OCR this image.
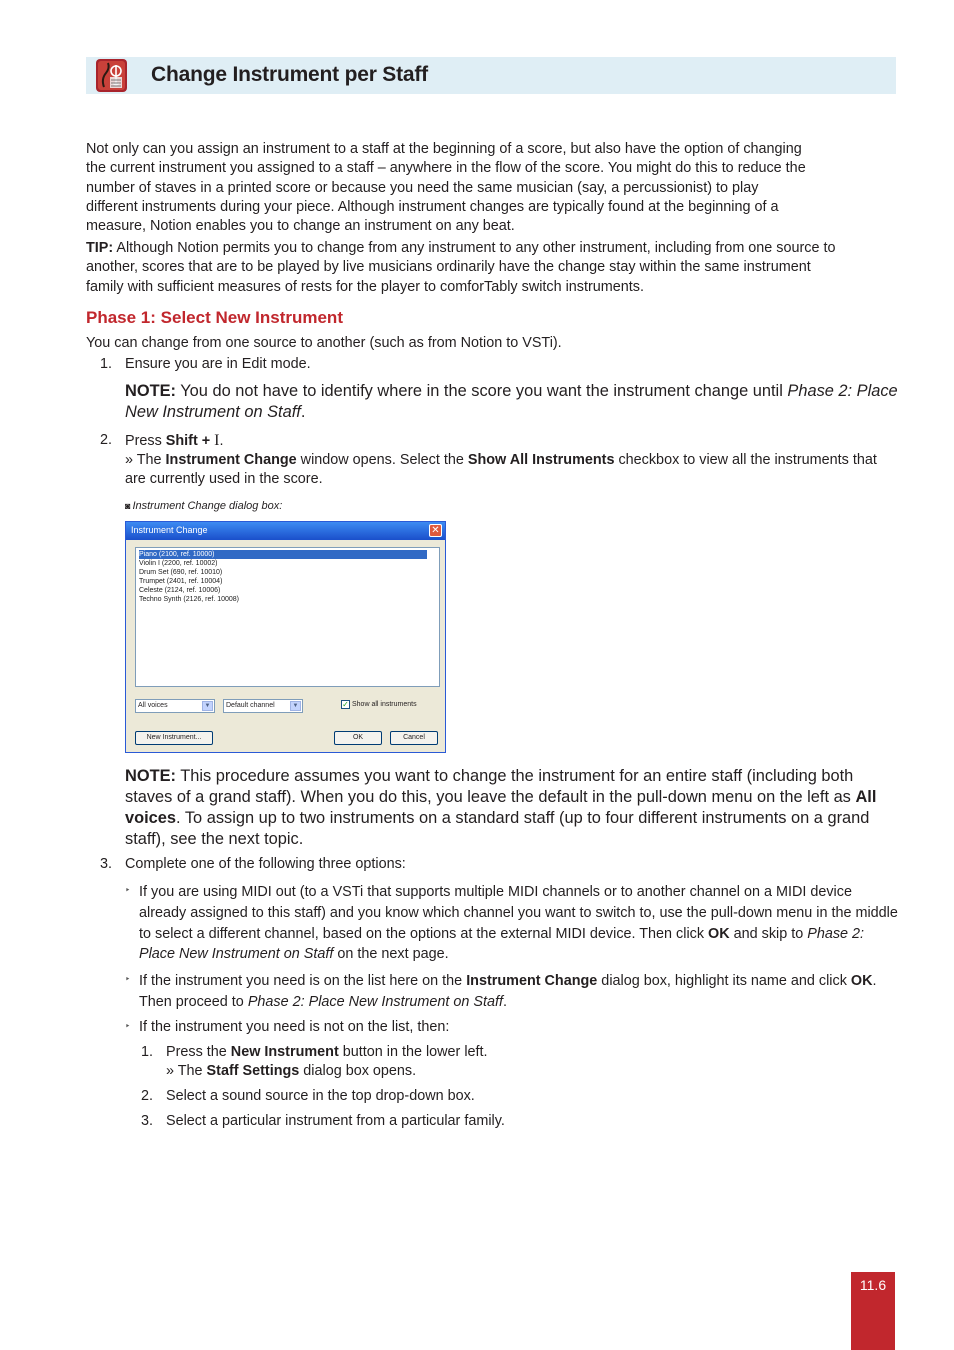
Change Instrument per Staff
Not only can you assign an instrument to a staff at the beginning of a score, but also have the option of changing the current instrument you assigned to a staff – anywhere in the flow of the score. You might do this to reduce the number of staves in a printed score or because you need the same musician (say, a percussionist) to play different instruments during your piece. Although instrument changes are typically found at the beginning of a measure, Notion enables you to change an instrument on any beat.
TIP: Although Notion permits you to change from any instrument to any other instrument, including from one source to another, scores that are to be played by live musicians ordinarily have the change stay within the same instrument family with sufficient measures of rests for the player to comforTably switch instruments.
Phase 1: Select New Instrument
You can change from one source to another (such as from Notion to VSTi).
1. Ensure you are in Edit mode.
NOTE: You do not have to identify where in the score you want the instrument change until Phase 2: Place New Instrument on Staff.
2. Press Shift + I.
» The Instrument Change window opens. Select the Show All Instruments checkbox to view all the instruments that are currently used in the score.
◙ Instrument Change dialog box:
Instrument Change	✕
Piano (2100, ref. 10000)
Violin I (2200, ref. 10002)
Drum Set (690, ref. 10010)
Trumpet (2401, ref. 10004)
Celeste (2124, ref. 10006)
Techno Synth (2126, ref. 10008)
All voices	▼	Default channel	▼	✓ Show all instruments
New Instrument...	OK	Cancel
NOTE: This procedure assumes you want to change the instrument for an entire staff (including both staves of a grand staff). When you do this, you leave the default in the pull-down menu on the left as All voices. To assign up to two instruments on a standard staff (up to four different instruments on a grand staff), see the next topic.
3. Complete one of the following three options:
‣ If you are using MIDI out (to a VSTi that supports multiple MIDI channels or to another channel on a MIDI device already assigned to this staff) and you know which channel you want to switch to, use the pull-down menu in the middle to select a different channel, based on the options at the external MIDI device. Then click OK and skip to Phase 2: Place New Instrument on Staff on the next page.
‣ If the instrument you need is on the list here on the Instrument Change dialog box, highlight its name and click OK. Then proceed to Phase 2: Place New Instrument on Staff.
‣ If the instrument you need is not on the list, then:
1. Press the New Instrument button in the lower left.
» The Staff Settings dialog box opens.
2. Select a sound source in the top drop-down box.
3. Select a particular instrument from a particular family.
11.6
